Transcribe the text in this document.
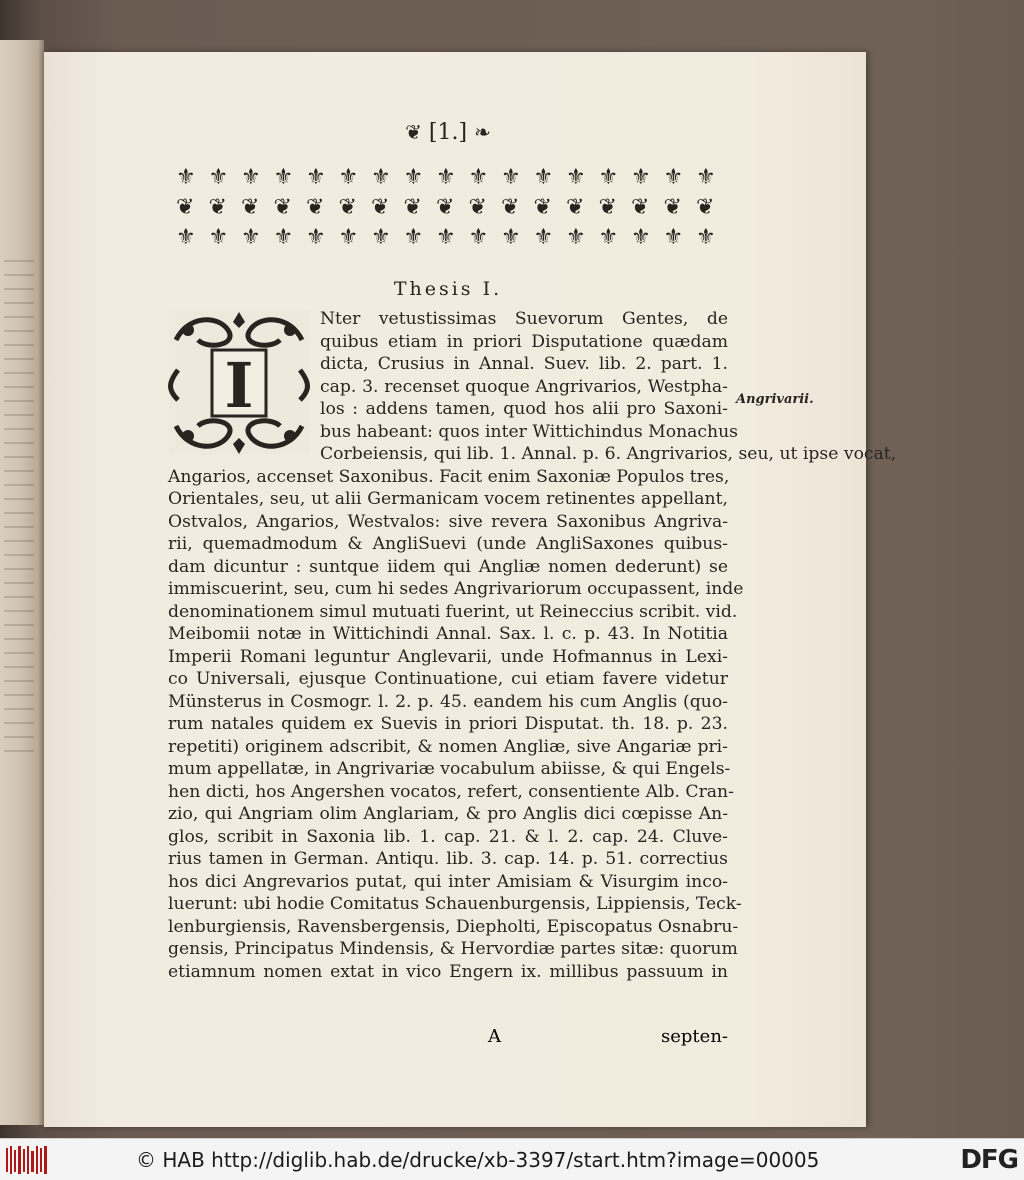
❦ [1.] ❧
⚜ ⚜ ⚜ ⚜ ⚜ ⚜ ⚜ ⚜ ⚜ ⚜ ⚜ ⚜ ⚜ ⚜ ⚜ ⚜ ⚜
❦ ❦ ❦ ❦ ❦ ❦ ❦ ❦ ❦ ❦ ❦ ❦ ❦ ❦ ❦ ❦ ❦
⚜ ⚜ ⚜ ⚜ ⚜ ⚜ ⚜ ⚜ ⚜ ⚜ ⚜ ⚜ ⚜ ⚜ ⚜ ⚜ ⚜
Thesis I.
I
Nter vetustissimas Suevorum Gentes, de
quibus etiam in priori Disputatione quædam
dicta, Crusius in Annal. Suev. lib. 2. part. 1.
cap. 3. recenset quoque Angrivarios, Westpha-
los : addens tamen, quod hos alii pro Saxoni-
bus habeant: quos inter Wittichindus Monachus
Corbeiensis, qui lib. 1. Annal. p. 6. Angrivarios, seu, ut ipse vocat,
Angarios, accenset Saxonibus. Facit enim Saxoniæ Populos tres,
Orientales, seu, ut alii Germanicam vocem retinentes appellant,
Ostvalos, Angarios, Westvalos: sive revera Saxonibus Angriva-
rii, quemadmodum & AngliSuevi (unde AngliSaxones quibus-
dam dicuntur : suntque iidem qui Angliæ nomen dederunt) se
immiscuerint, seu, cum hi sedes Angrivariorum occupassent, inde
denominationem simul mutuati fuerint, ut Reineccius scribit. vid.
Meibomii notæ in Wittichindi Annal. Sax. l. c. p. 43. In Notitia
Imperii Romani leguntur Anglevarii, unde Hofmannus in Lexi-
co Universali, ejusque Continuatione, cui etiam favere videtur
Münsterus in Cosmogr. l. 2. p. 45. eandem his cum Anglis (quo-
rum natales quidem ex Suevis in priori Disputat. th. 18. p. 23.
repetiti) originem adscribit, & nomen Angliæ, sive Angariæ pri-
mum appellatæ, in Angrivariæ vocabulum abiisse, & qui Engels-
hen dicti, hos Angershen vocatos, refert, consentiente Alb. Cran-
zio, qui Angriam olim Anglariam, & pro Anglis dici cœpisse An-
glos, scribit in Saxonia lib. 1. cap. 21. & l. 2. cap. 24. Cluve-
rius tamen in German. Antiqu. lib. 3. cap. 14. p. 51. correctius
hos dici Angrevarios putat, qui inter Amisiam & Visurgim inco-
luerunt: ubi hodie Comitatus Schauenburgensis, Lippiensis, Teck-
lenburgiensis, Ravensbergensis, Diepholti, Episcopatus Osnabru-
gensis, Principatus Mindensis, & Hervordiæ partes sitæ: quorum
etiamnum nomen extat in vico Engern ix. millibus passuum in
Angrivarii.
A	septen-
© HAB http://diglib.hab.de/drucke/xb-3397/start.htm?image=00005	DFG
